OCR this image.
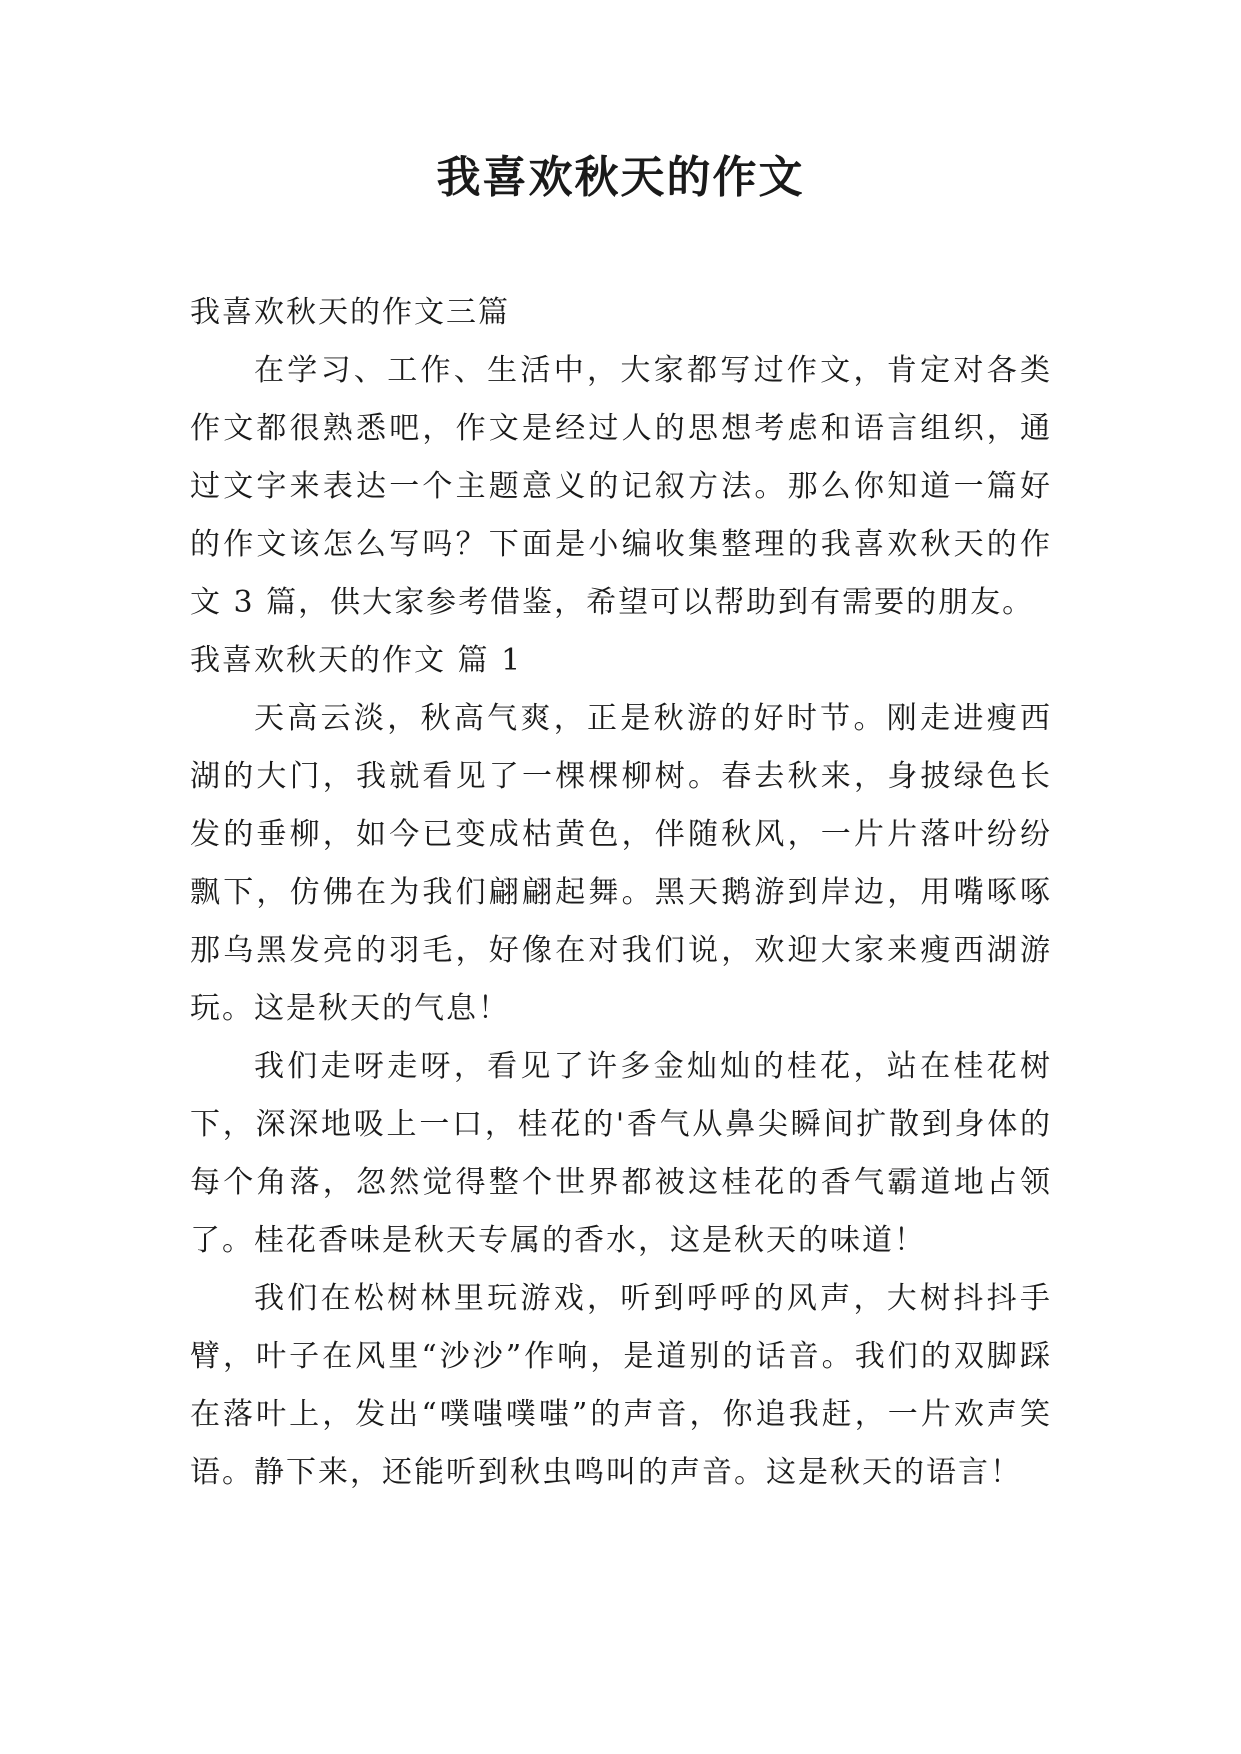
我喜欢秋天的作文

我喜欢秋天的作文三篇

在学习、工作、生活中，大家都写过作文，肯定对各类作文都很熟悉吧，作文是经过人的思想考虑和语言组织，通过文字来表达一个主题意义的记叙方法。那么你知道一篇好的作文该怎么写吗？下面是小编收集整理的我喜欢秋天的作文 3 篇，供大家参考借鉴，希望可以帮助到有需要的朋友。

我喜欢秋天的作文 篇 1

天高云淡，秋高气爽，正是秋游的好时节。刚走进瘦西湖的大门，我就看见了一棵棵柳树。春去秋来，身披绿色长发的垂柳，如今已变成枯黄色，伴随秋风，一片片落叶纷纷飘下，仿佛在为我们翩翩起舞。黑天鹅游到岸边，用嘴啄啄那乌黑发亮的羽毛，好像在对我们说，欢迎大家来瘦西湖游玩。这是秋天的气息！

我们走呀走呀，看见了许多金灿灿的桂花，站在桂花树下，深深地吸上一口，桂花的'香气从鼻尖瞬间扩散到身体的每个角落，忽然觉得整个世界都被这桂花的香气霸道地占领了。桂花香味是秋天专属的香水，这是秋天的味道！

我们在松树林里玩游戏，听到呼呼的风声，大树抖抖手臂，叶子在风里“沙沙”作响，是道别的话音。我们的双脚踩在落叶上，发出“噗嗤噗嗤”的声音，你追我赶，一片欢声笑语。静下来，还能听到秋虫鸣叫的声音。这是秋天的语言！
